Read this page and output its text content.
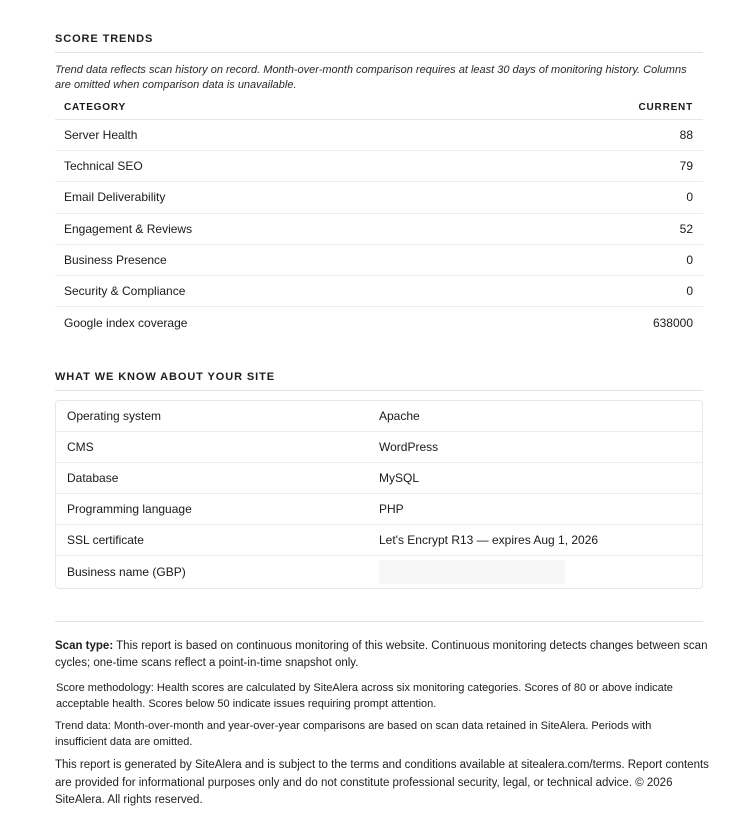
SCORE TRENDS
Trend data reflects scan history on record. Month-over-month comparison requires at least 30 days of monitoring history. Columns are omitted when comparison data is unavailable.
CATEGORY	CURRENT
Server Health	88
Technical SEO	79
Email Deliverability	0
Engagement & Reviews	52
Business Presence	0
Security & Compliance	0
Google index coverage	638000
WHAT WE KNOW ABOUT YOUR SITE
Operating system	Apache
CMS	WordPress
Database	MySQL
Programming language	PHP
SSL certificate	Let's Encrypt R13 — expires Aug 1, 2026
Business name (GBP)
Scan type: This report is based on continuous monitoring of this website. Continuous monitoring detects changes between scan cycles; one-time scans reflect a point-in-time snapshot only.
Score methodology: Health scores are calculated by SiteAlera across six monitoring categories. Scores of 80 or above indicate acceptable health. Scores below 50 indicate issues requiring prompt attention.
Trend data: Month-over-month and year-over-year comparisons are based on scan data retained in SiteAlera. Periods with insufficient data are omitted.
This report is generated by SiteAlera and is subject to the terms and conditions available at sitealera.com/terms. Report contents are provided for informational purposes only and do not constitute professional security, legal, or technical advice. © 2026 SiteAlera. All rights reserved.
